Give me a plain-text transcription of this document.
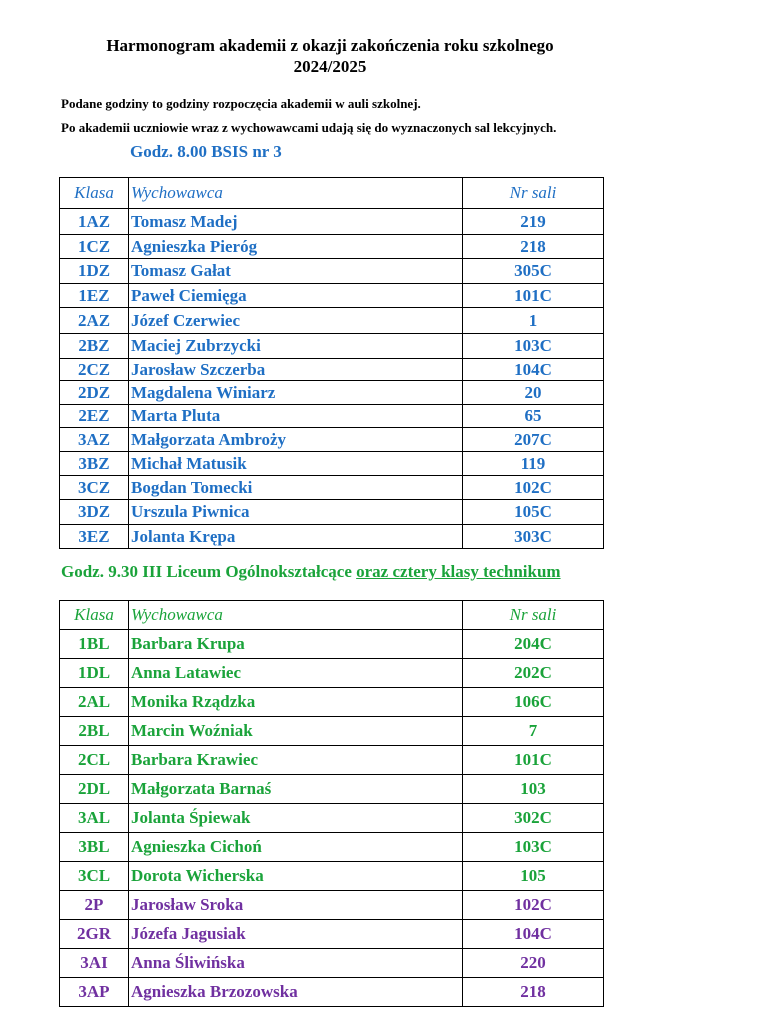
Harmonogram akademii z okazji zakończenia roku szkolnego
2024/2025
Podane godziny to godziny rozpoczęcia akademii w auli szkolnej.
Po akademii uczniowie wraz z wychowawcami udają się do wyznaczonych sal lekcyjnych.
Godz. 8.00 BSIS nr 3
Klasa	Wychowawca	Nr sali
1AZ	Tomasz Madej	219
1CZ	Agnieszka Pieróg	218
1DZ	Tomasz Gałat	305C
1EZ	Paweł Ciemięga	101C
2AZ	Józef Czerwiec	1
2BZ	Maciej Zubrzycki	103C
2CZ	Jarosław Szczerba	104C
2DZ	Magdalena Winiarz	20
2EZ	Marta Pluta	65
3AZ	Małgorzata Ambroży	207C
3BZ	Michał Matusik	119
3CZ	Bogdan Tomecki	102C
3DZ	Urszula Piwnica	105C
3EZ	Jolanta Krępa	303C
Godz. 9.30 III Liceum Ogólnokształcące oraz cztery klasy technikum
Klasa	Wychowawca	Nr sali
1BL	Barbara Krupa	204C
1DL	Anna Latawiec	202C
2AL	Monika Rządzka	106C
2BL	Marcin Woźniak	7
2CL	Barbara Krawiec	101C
2DL	Małgorzata Barnaś	103
3AL	Jolanta Śpiewak	302C
3BL	Agnieszka Cichoń	103C
3CL	Dorota Wicherska	105
2P	Jarosław Sroka	102C
2GR	Józefa Jagusiak	104C
3AI	Anna Śliwińska	220
3AP	Agnieszka Brzozowska	218
